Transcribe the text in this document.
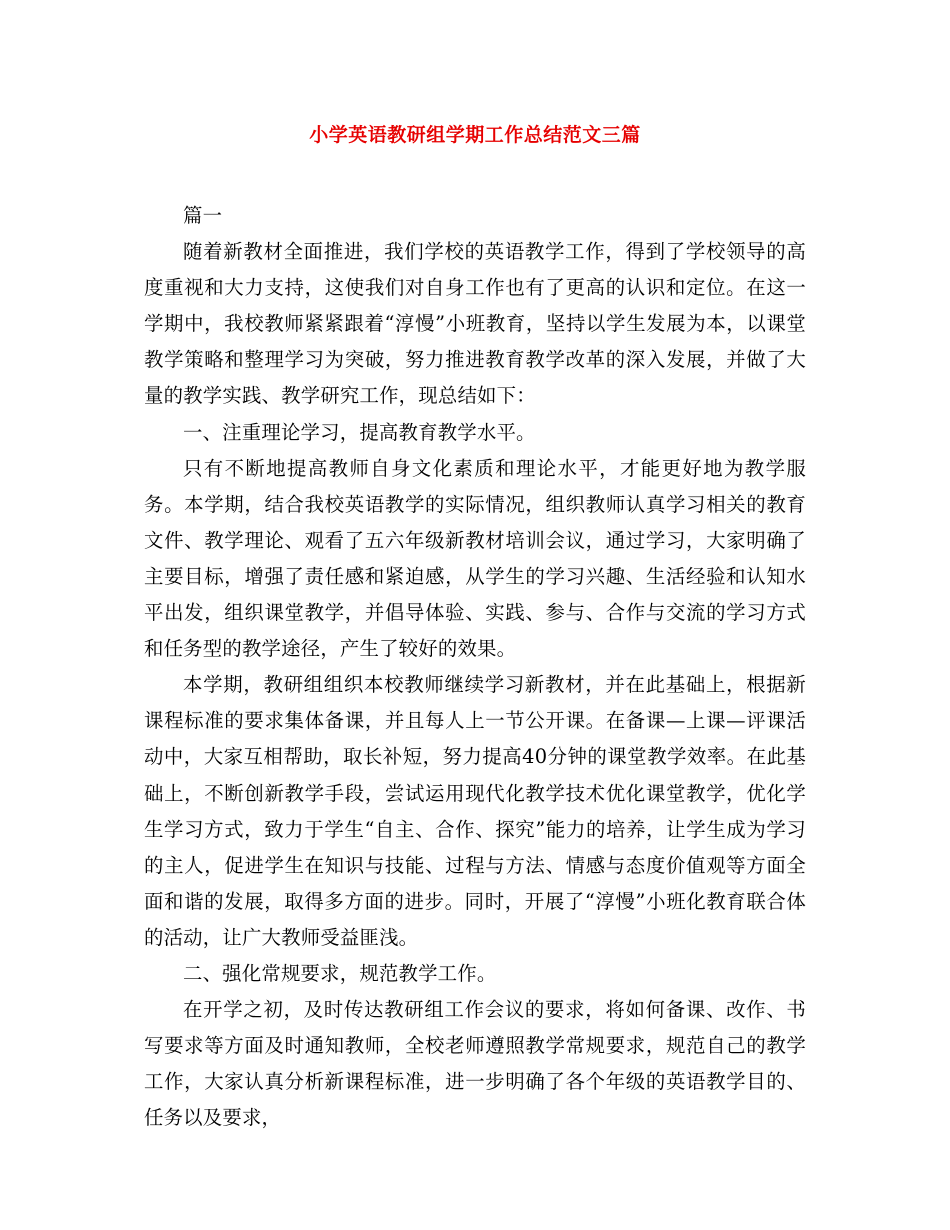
小学英语教研组学期工作总结范文三篇

篇一

随着新教材全面推进，我们学校的英语教学工作，得到了学校领导的高度重视和大力支持，这使我们对自身工作也有了更高的认识和定位。在这一学期中，我校教师紧紧跟着“淳慢”小班教育，坚持以学生发展为本，以课堂教学策略和整理学习为突破，努力推进教育教学改革的深入发展，并做了大量的教学实践、教学研究工作，现总结如下：

一、注重理论学习，提高教育教学水平。

只有不断地提高教师自身文化素质和理论水平，才能更好地为教学服务。本学期，结合我校英语教学的实际情况，组织教师认真学习相关的教育文件、教学理论、观看了五六年级新教材培训会议，通过学习，大家明确了主要目标，增强了责任感和紧迫感，从学生的学习兴趣、生活经验和认知水平出发，组织课堂教学，并倡导体验、实践、参与、合作与交流的学习方式和任务型的教学途径，产生了较好的效果。

本学期，教研组组织本校教师继续学习新教材，并在此基础上，根据新课程标准的要求集体备课，并且每人上一节公开课。在备课—上课—评课活动中，大家互相帮助，取长补短，努力提高40分钟的课堂教学效率。在此基础上，不断创新教学手段，尝试运用现代化教学技术优化课堂教学，优化学生学习方式，致力于学生“自主、合作、探究”能力的培养，让学生成为学习的主人，促进学生在知识与技能、过程与方法、情感与态度价值观等方面全面和谐的发展，取得多方面的进步。同时，开展了“淳慢”小班化教育联合体的活动，让广大教师受益匪浅。

二、强化常规要求，规范教学工作。

在开学之初，及时传达教研组工作会议的要求，将如何备课、改作、书写要求等方面及时通知教师，全校老师遵照教学常规要求，规范自己的教学工作，大家认真分析新课程标准，进一步明确了各个年级的英语教学目的、任务以及要求，
